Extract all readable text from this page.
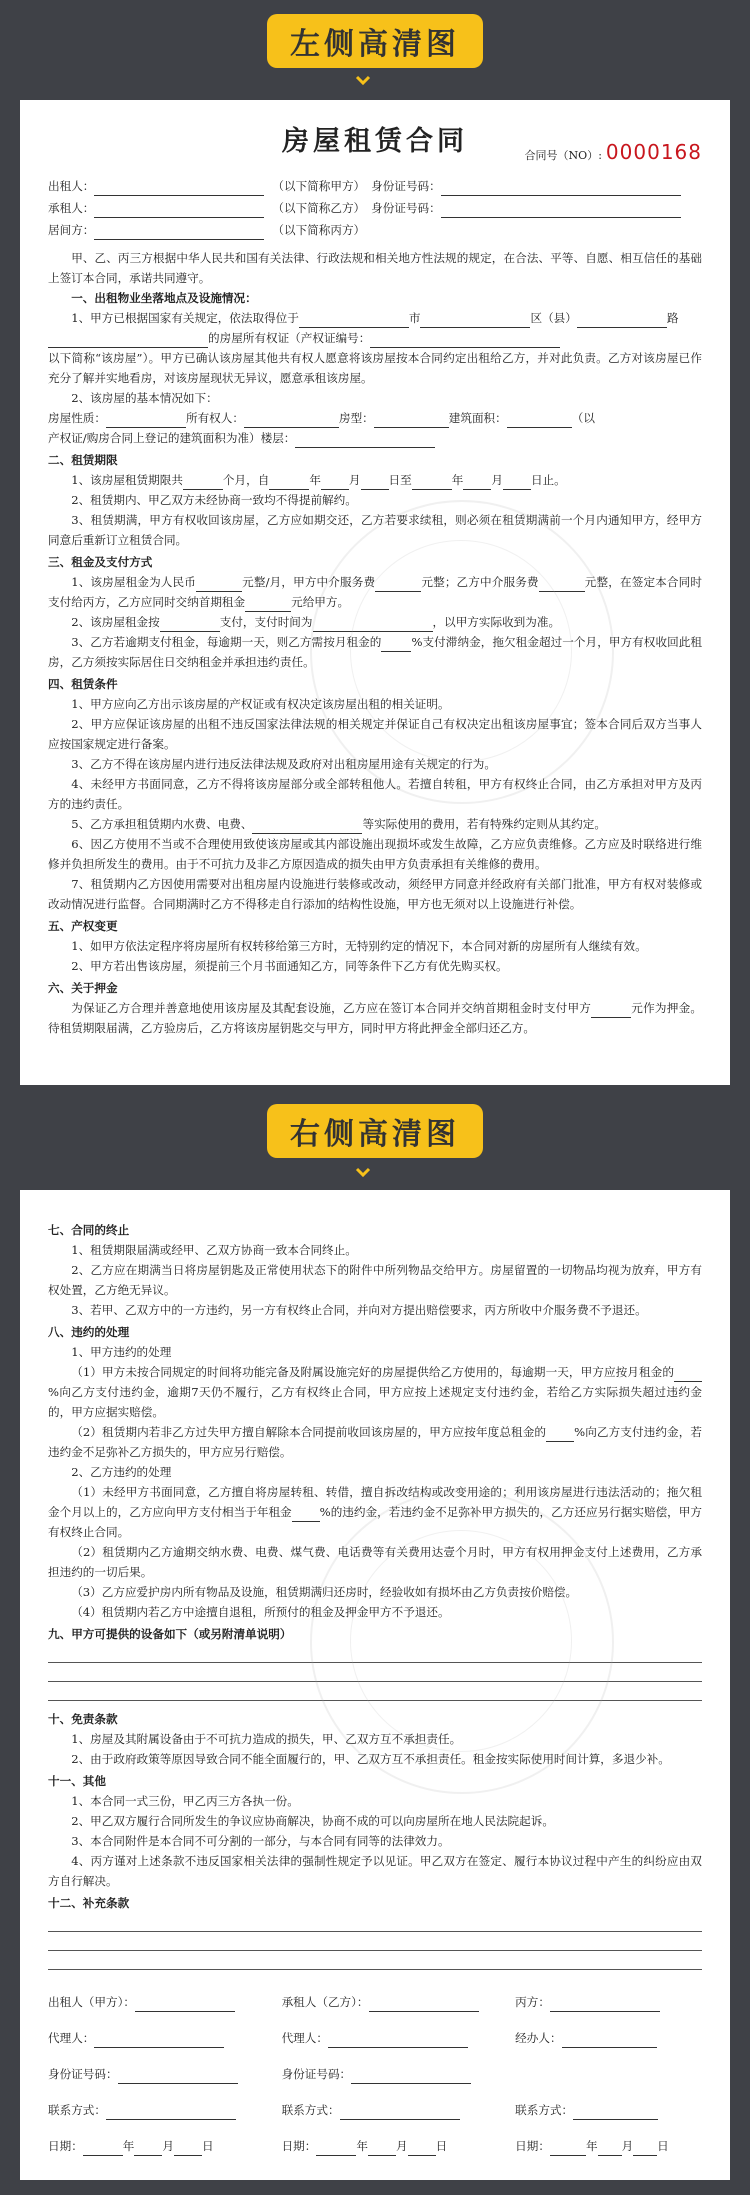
左侧高清图
房屋租赁合同	合同号（NO）: 0000168
出租人：	（以下简称甲方） 身份证号码：
承租人：	（以下简称乙方） 身份证号码：
居间方：	（以下简称丙方）
甲、乙、丙三方根据中华人民共和国有关法律、行政法规和相关地方性法规的规定，在合法、平等、自愿、相互信任的基础上签订本合同，承诺共同遵守。
一、出租物业坐落地点及设施情况：
1、甲方已根据国家有关规定，依法取得位于	市	区（县）	路
的房屋所有权证（产权证编号：
以下简称“该房屋”）。甲方已确认该房屋其他共有权人愿意将该房屋按本合同约定出租给乙方，并对此负责。乙方对该房屋已作充分了解并实地看房，对该房屋现状无异议，愿意承租该房屋。
2、该房屋的基本情况如下：
房屋性质：	所有权人：	房型：	建筑面积：	（以
产权证/购房合同上登记的建筑面积为准）楼层：
二、租赁期限
1、该房屋租赁期限共	个月，自	年 月 日至	年 月 日止。
2、租赁期内、甲乙双方未经协商一致均不得提前解约。
3、租赁期满，甲方有权收回该房屋，乙方应如期交还，乙方若要求续租，则必须在租赁期满前一个月内通知甲方，经甲方同意后重新订立租赁合同。
三、租金及支付方式
1、该房屋租金为人民币	元整/月，甲方中介服务费	元整；乙方中介服务费	元整，在签定本合同时支付给丙方，乙方应同时交纳首期租金	元给甲方。
2、该房屋租金按	支付，支付时间为	，以甲方实际收到为准。
3、乙方若逾期支付租金，每逾期一天，则乙方需按月租金的	%支付滞纳金，拖欠租金超过一个月，甲方有权收回此租房，乙方须按实际居住日交纳租金并承担违约责任。
四、租赁条件
1、甲方应向乙方出示该房屋的产权证或有权决定该房屋出租的相关证明。
2、甲方应保证该房屋的出租不违反国家法律法规的相关规定并保证自己有权决定出租该房屋事宜；签本合同后双方当事人应按国家规定进行备案。
3、乙方不得在该房屋内进行违反法律法规及政府对出租房屋用途有关规定的行为。
4、未经甲方书面同意，乙方不得将该房屋部分或全部转租他人。若擅自转租，甲方有权终止合同，由乙方承担对甲方及丙方的违约责任。
5、乙方承担租赁期内水费、电费、	等实际使用的费用，若有特殊约定则从其约定。
6、因乙方使用不当或不合理使用致使该房屋或其内部设施出现损坏或发生故障，乙方应负责维修。乙方应及时联络进行维修并负担所发生的费用。由于不可抗力及非乙方原因造成的损失由甲方负责承担有关维修的费用。
7、租赁期内乙方因使用需要对出租房屋内设施进行装修或改动，须经甲方同意并经政府有关部门批准，甲方有权对装修或改动情况进行监督。合同期满时乙方不得移走自行添加的结构性设施，甲方也无须对以上设施进行补偿。
五、产权变更
1、如甲方依法定程序将房屋所有权转移给第三方时，无特别约定的情况下，本合同对新的房屋所有人继续有效。
2、甲方若出售该房屋，须提前三个月书面通知乙方，同等条件下乙方有优先购买权。
六、关于押金
为保证乙方合理并善意地使用该房屋及其配套设施，乙方应在签订本合同并交纳首期租金时支付甲方	元作为押金。待租赁期限届满，乙方验房后，乙方将该房屋钥匙交与甲方，同时甲方将此押金全部归还乙方。
右侧高清图
七、合同的终止
1、租赁期限届满或经甲、乙双方协商一致本合同终止。
2、乙方应在期满当日将房屋钥匙及正常使用状态下的附件中所列物品交给甲方。房屋留置的一切物品均视为放弃，甲方有权处置，乙方绝无异议。
3、若甲、乙双方中的一方违约，另一方有权终止合同，并向对方提出赔偿要求，丙方所收中介服务费不予退还。
八、违约的处理
1、甲方违约的处理
（1）甲方未按合同规定的时间将功能完备及附属设施完好的房屋提供给乙方使用的，每逾期一天，甲方应按月租金的%向乙方支付违约金，逾期7天仍不履行，乙方有权终止合同，甲方应按上述规定支付违约金，若给乙方实际损失超过违约金的，甲方应据实赔偿。
（2）租赁期内若非乙方过失甲方擅自解除本合同提前收回该房屋的，甲方应按年度总租金的 %向乙方支付违约金，若违约金不足弥补乙方损失的，甲方应另行赔偿。
2、乙方违约的处理
（1）未经甲方书面同意，乙方擅自将房屋转租、转借，擅自拆改结构或改变用途的；利用该房屋进行违法活动的；拖欠租金个月以上的，乙方应向甲方支付相当于年租金 %的违约金，若违约金不足弥补甲方损失的，乙方还应另行据实赔偿，甲方有权终止合同。
（2）租赁期内乙方逾期交纳水费、电费、煤气费、电话费等有关费用达壹个月时，甲方有权用押金支付上述费用，乙方承担违约的一切后果。
（3）乙方应爱护房内所有物品及设施，租赁期满归还房时，经验收如有损坏由乙方负责按价赔偿。
（4）租赁期内若乙方中途擅自退租，所预付的租金及押金甲方不予退还。
九、甲方可提供的设备如下（或另附清单说明）
十、免责条款
1、房屋及其附属设备由于不可抗力造成的损失，甲、乙双方互不承担责任。
2、由于政府政策等原因导致合同不能全面履行的，甲、乙双方互不承担责任。租金按实际使用时间计算，多退少补。
十一、其他
1、本合同一式三份，甲乙丙三方各执一份。
2、甲乙双方履行合同所发生的争议应协商解决，协商不成的可以向房屋所在地人民法院起诉。
3、本合同附件是本合同不可分割的一部分，与本合同有同等的法律效力。
4、丙方谨对上述条款不违反国家相关法律的强制性规定予以见证。甲乙双方在签定、履行本协议过程中产生的纠纷应由双方自行解决。
十二、补充条款
出租人（甲方）：	承租人（乙方）：	丙方：
代理人：	代理人：	经办人：
身份证号码：	身份证号码：
联系方式：	联系方式：	联系方式：
日期：	年 月 日	日期：	年 月 日	日期：	年 月 日
